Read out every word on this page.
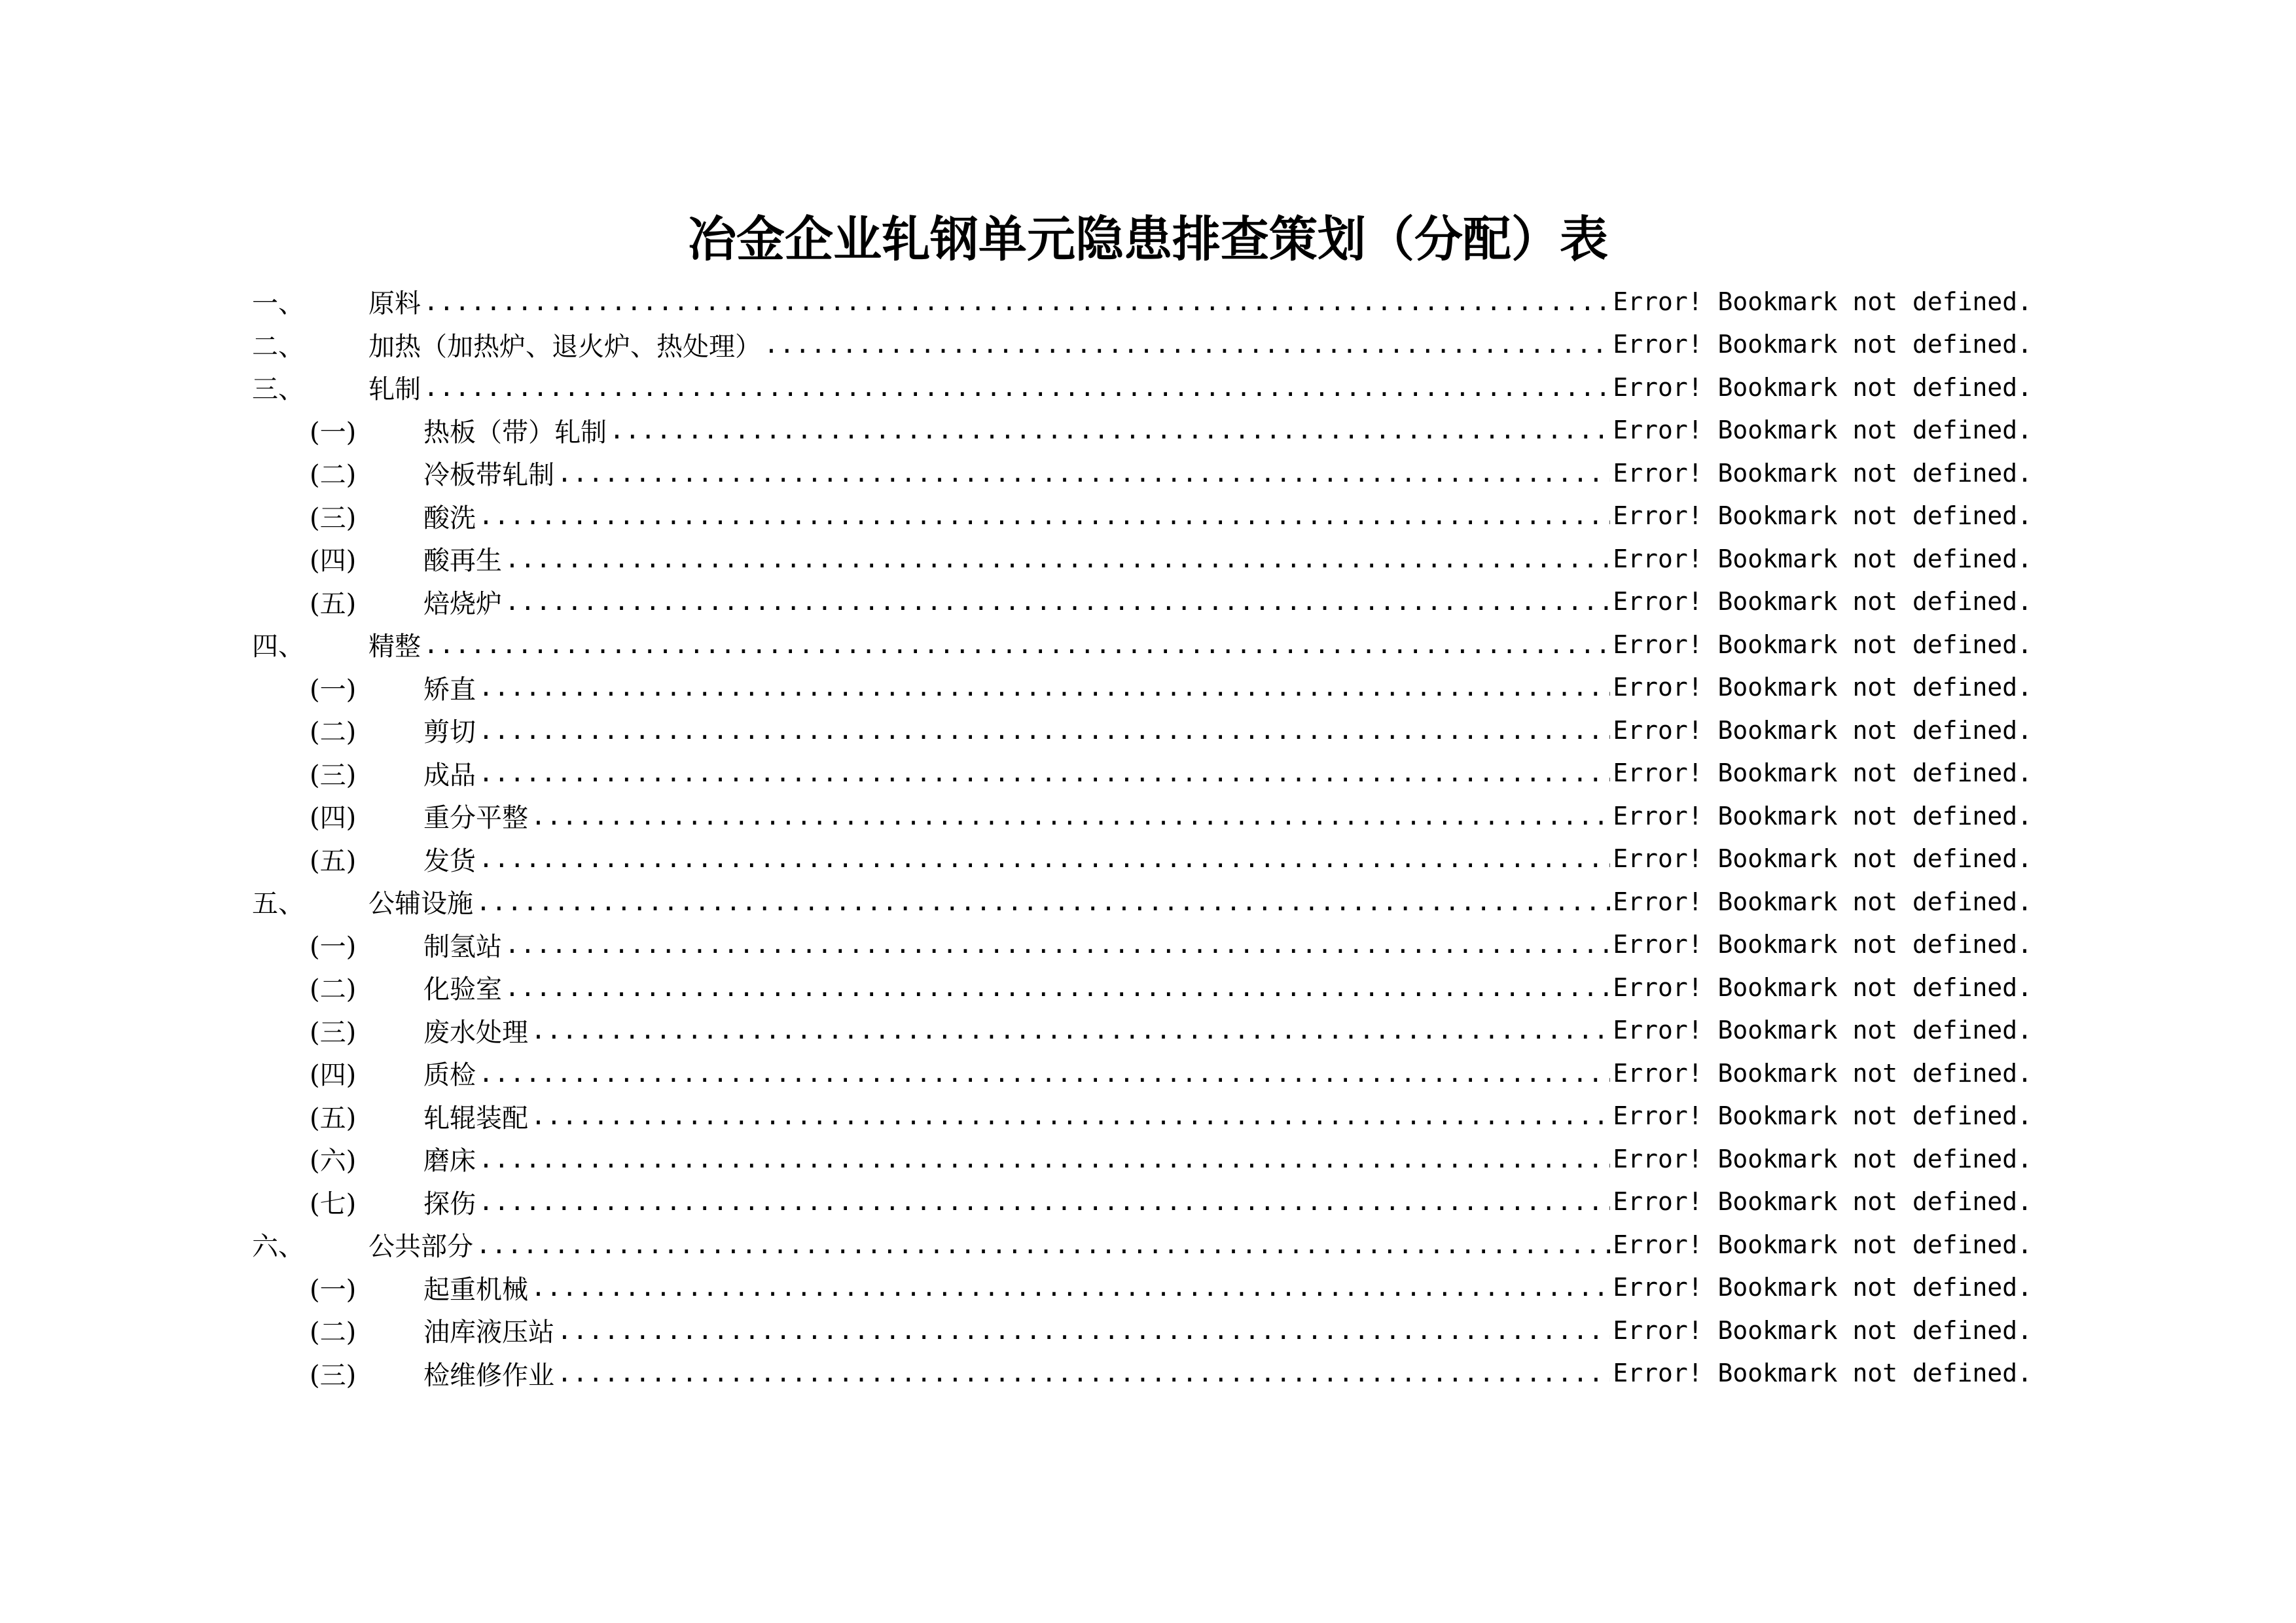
冶金企业轧钢单元隐患排查策划（分配）表
一、	原料 .....	Error! Bookmark not defined.
二、	加热（加热炉、退火炉、热处理） .....	Error! Bookmark not defined.
三、	轧制 .....	Error! Bookmark not defined.
(一)	热板（带）轧制 .....	Error! Bookmark not defined.
(二)	冷板带轧制 .....	Error! Bookmark not defined.
(三)	酸洗 .....	Error! Bookmark not defined.
(四)	酸再生 .....	Error! Bookmark not defined.
(五)	焙烧炉 .....	Error! Bookmark not defined.
四、	精整 .....	Error! Bookmark not defined.
(一)	矫直 .....	Error! Bookmark not defined.
(二)	剪切 .....	Error! Bookmark not defined.
(三)	成品 .....	Error! Bookmark not defined.
(四)	重分平整 .....	Error! Bookmark not defined.
(五)	发货 .....	Error! Bookmark not defined.
五、	公辅设施 .....	Error! Bookmark not defined.
(一)	制氢站 .....	Error! Bookmark not defined.
(二)	化验室 .....	Error! Bookmark not defined.
(三)	废水处理 .....	Error! Bookmark not defined.
(四)	质检 .....	Error! Bookmark not defined.
(五)	轧辊装配 .....	Error! Bookmark not defined.
(六)	磨床 .....	Error! Bookmark not defined.
(七)	探伤 .....	Error! Bookmark not defined.
六、	公共部分 .....	Error! Bookmark not defined.
(一)	起重机械 .....	Error! Bookmark not defined.
(二)	油库液压站 .....	Error! Bookmark not defined.
(三)	检维修作业 .....	Error! Bookmark not defined.
